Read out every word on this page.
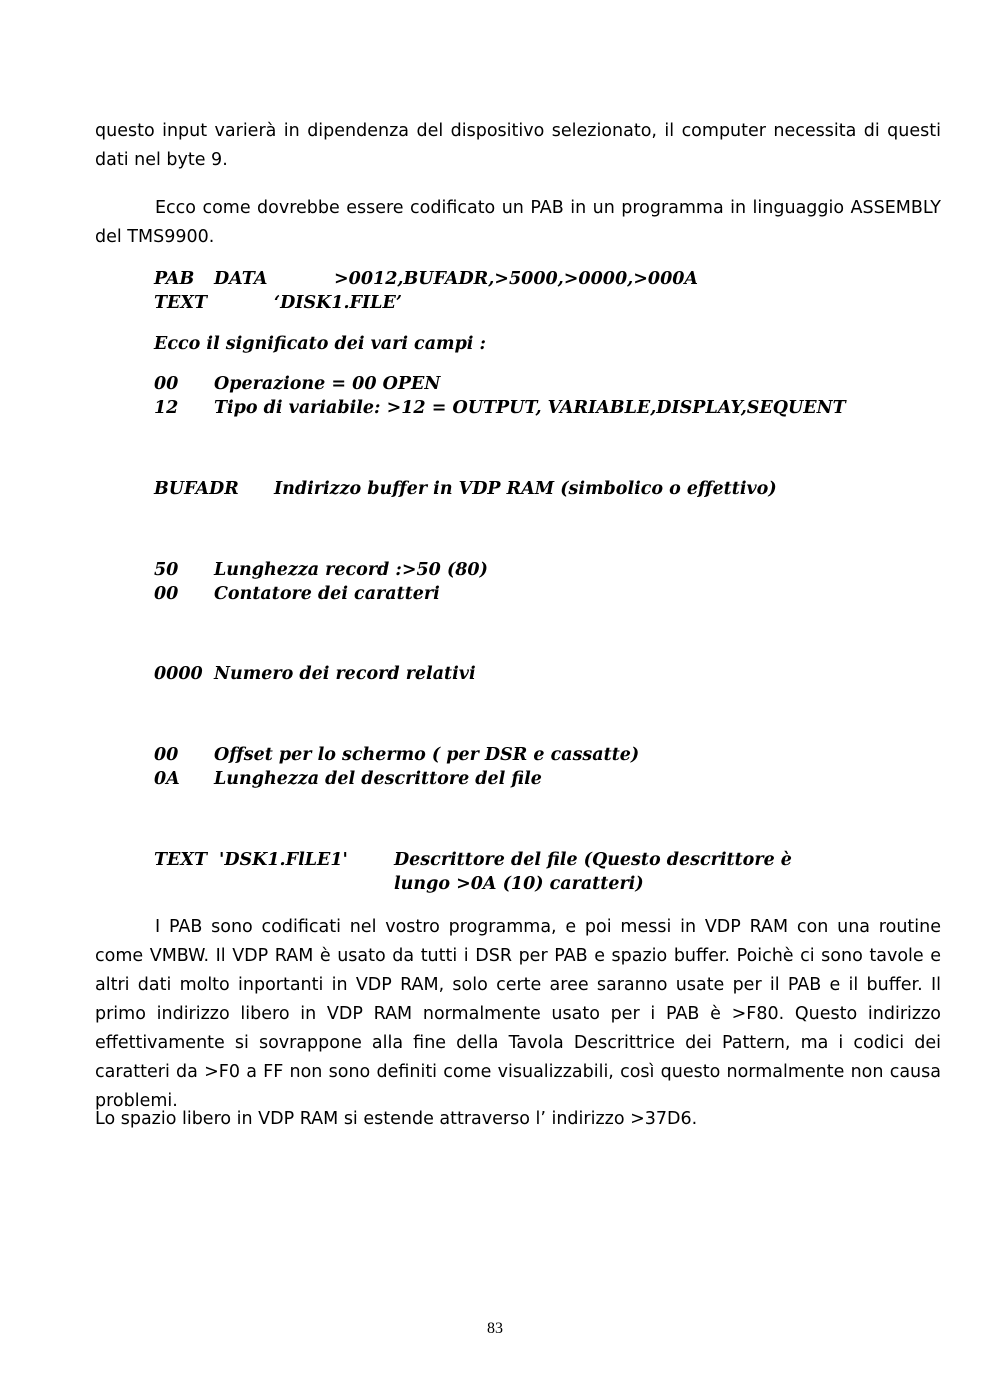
questo input varierà in dipendenza del dispositivo selezionato, il computer necessita di questi dati nel byte 9.

Ecco come dovrebbe essere codificato un PAB in un programma in linguaggio ASSEMBLY del TMS9900.

PAB DATA	>0012,BUFADR,>5000,>0000,>000A
TEXT	‘DISK1.FILE’
Ecco il significato dei vari campi :
00 Operazione = 00 OPEN
12 Tipo di variabile: >12 = OUTPUT, VARIABLE,DISPLAY,SEQUENT
BUFADR Indirizzo buffer in VDP RAM (simbolico o effettivo)
50 Lunghezza record :>50 (80)
00 Contatore dei caratteri
0000 Numero dei record relativi
00 Offset per lo schermo ( per DSR e cassatte)
0A Lunghezza del descrittore del file
TEXT 'DSK1.FlLE1'	Descrittore del file (Questo descrittore è
lungo >0A (10) caratteri)

I PAB sono codificati nel vostro programma, e poi messi in VDP RAM con una routine come VMBW. Il VDP RAM è usato da tutti i DSR per PAB e spazio buffer. Poichè ci sono tavole e altri dati molto inportanti in VDP RAM, solo certe aree saranno usate per il PAB e il buffer. Il primo indirizzo libero in VDP RAM normalmente usato per i PAB è >F80. Questo indirizzo effettivamente si sovrappone alla fine della Tavola Descrittrice dei Pattern, ma i codici dei caratteri da >F0 a FF non sono definiti come visualizzabili, così questo normalmente non causa problemi.

Lo spazio libero in VDP RAM si estende attraverso l’ indirizzo >37D6.

83
